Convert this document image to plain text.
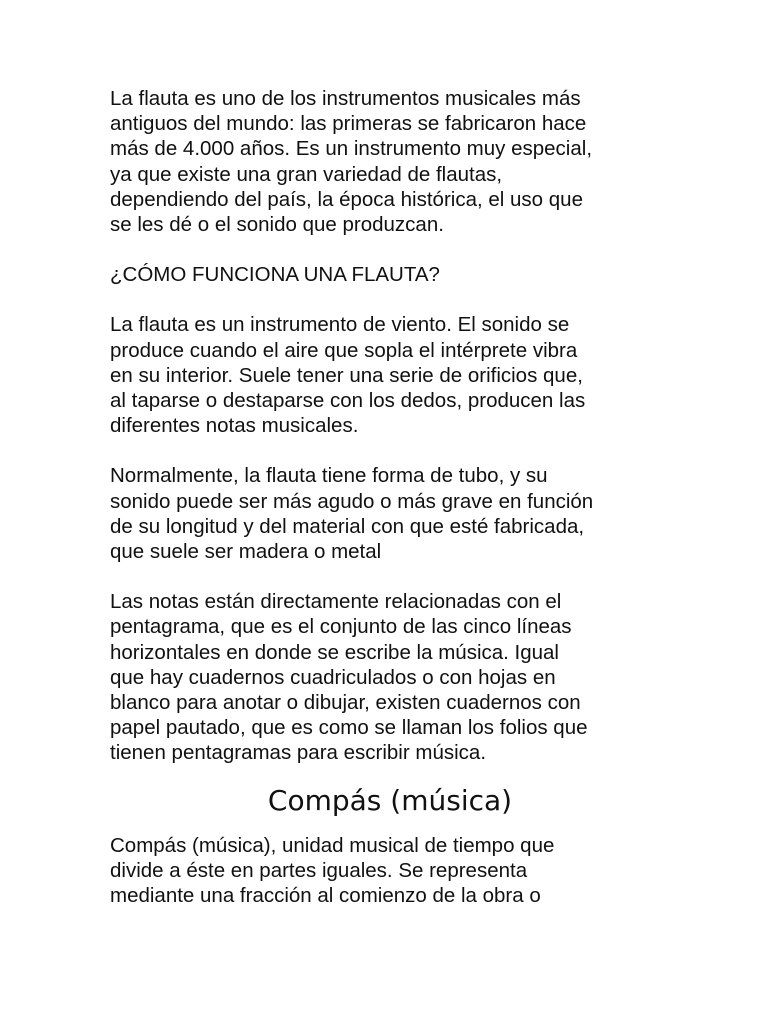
La flauta es uno de los instrumentos musicales más
antiguos del mundo: las primeras se fabricaron hace
más de 4.000 años. Es un instrumento muy especial,
ya que existe una gran variedad de flautas,
dependiendo del país, la época histórica, el uso que
se les dé o el sonido que produzcan.

¿CÓMO FUNCIONA UNA FLAUTA?

La flauta es un instrumento de viento. El sonido se
produce cuando el aire que sopla el intérprete vibra
en su interior. Suele tener una serie de orificios que,
al taparse o destaparse con los dedos, producen las
diferentes notas musicales.

Normalmente, la flauta tiene forma de tubo, y su
sonido puede ser más agudo o más grave en función
de su longitud y del material con que esté fabricada,
que suele ser madera o metal

Las notas están directamente relacionadas con el
pentagrama, que es el conjunto de las cinco líneas
horizontales en donde se escribe la música. Igual
que hay cuadernos cuadriculados o con hojas en
blanco para anotar o dibujar, existen cuadernos con
papel pautado, que es como se llaman los folios que
tienen pentagramas para escribir música.

Compás (música)

Compás (música), unidad musical de tiempo que
divide a éste en partes iguales. Se representa
mediante una fracción al comienzo de la obra o
